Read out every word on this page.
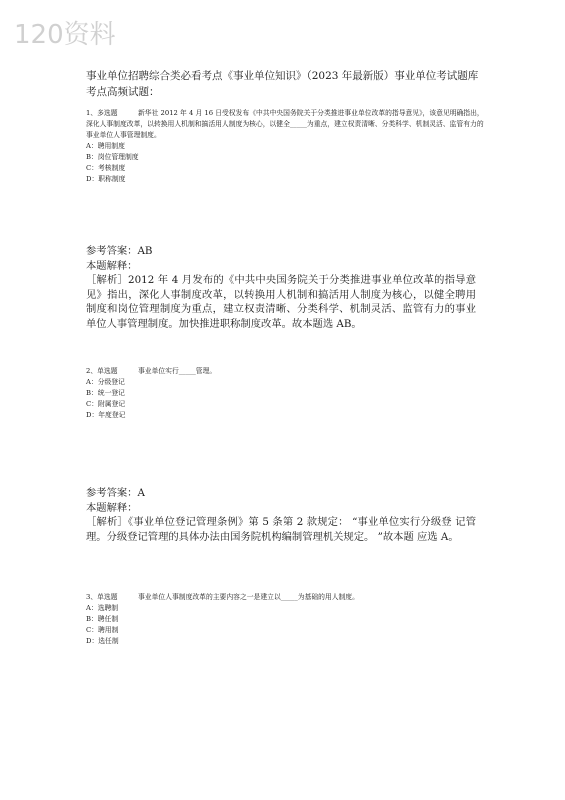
120资料
事业单位招聘综合类必看考点《事业单位知识》（2023 年最新版）事业单位考试题库考点高频试题：
1、多选题	新华社 2012 年 4 月 16 日受权发布《中共中央国务院关于分类推进事业单位改革的指导意见》，该意见明确指出，深化人事制度改革，以转换用人机制和搞活用人制度为核心，以健全_____为重点，建立权责清晰、分类科学、机制灵活、监管有力的事业单位人事管理制度。
A：聘用制度
B：岗位管理制度
C：考核制度
D：职称制度

参考答案：AB

本题解释：

［解析］2012 年 4 月发布的《中共中央国务院关于分类推进事业单位改革的指导意见》指出，深化人事制度改革，以转换用人机制和搞活用人制度为核心，以健全聘用制度和岗位管理制度为重点，建立权责清晰、分类科学、机制灵活、监管有力的事业单位人事管理制度。加快推进职称制度改革。故本题选 AB。

2、单选题	事业单位实行_____管理。
A：分级登记
B：统一登记
C：附属登记
D：年度登记

参考答案：A

本题解释：

［解析］《事业单位登记管理条例》第 5 条第 2 款规定： “事业单位实行分级登 记管理。分级登记管理的具体办法由国务院机构编制管理机关规定。 ”故本题 应选 A。

3、单选题	事业单位人事制度改革的主要内容之一是建立以_____为基础的用人制度。
A：选聘制
B：聘任制
C：聘用制
D：选任制
